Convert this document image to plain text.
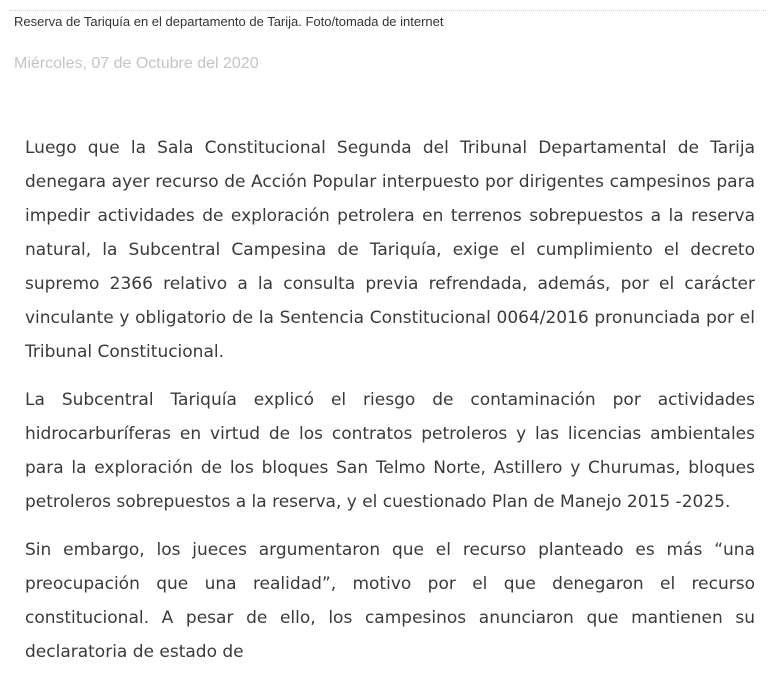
Reserva de Tariquía en el departamento de Tarija. Foto/tomada de internet
Miércoles, 07 de Octubre del 2020

Luego que la Sala Constitucional Segunda del Tribunal Departamental de Tarija denegara ayer recurso de Acción Popular interpuesto por dirigentes campesinos para impedir actividades de exploración petrolera en terrenos sobrepuestos a la reserva natural, la Subcentral Campesina de Tariquía, exige el cumplimiento el decreto supremo 2366 relativo a la consulta previa refrendada, además, por el carácter vinculante y obligatorio de la Sentencia Constitucional 0064/2016 pronunciada por el Tribunal Constitucional.

La Subcentral Tariquía explicó el riesgo de contaminación por actividades hidrocarburíferas en virtud de los contratos petroleros y las licencias ambientales para la exploración de los bloques San Telmo Norte, Astillero y Churumas, bloques petroleros sobrepuestos a la reserva, y el cuestionado Plan de Manejo 2015 -2025.

Sin embargo, los jueces argumentaron que el recurso planteado es más “una preocupación que una realidad”, motivo por el que denegaron el recurso constitucional. A pesar de ello, los campesinos anunciaron que mantienen su declaratoria de estado de
